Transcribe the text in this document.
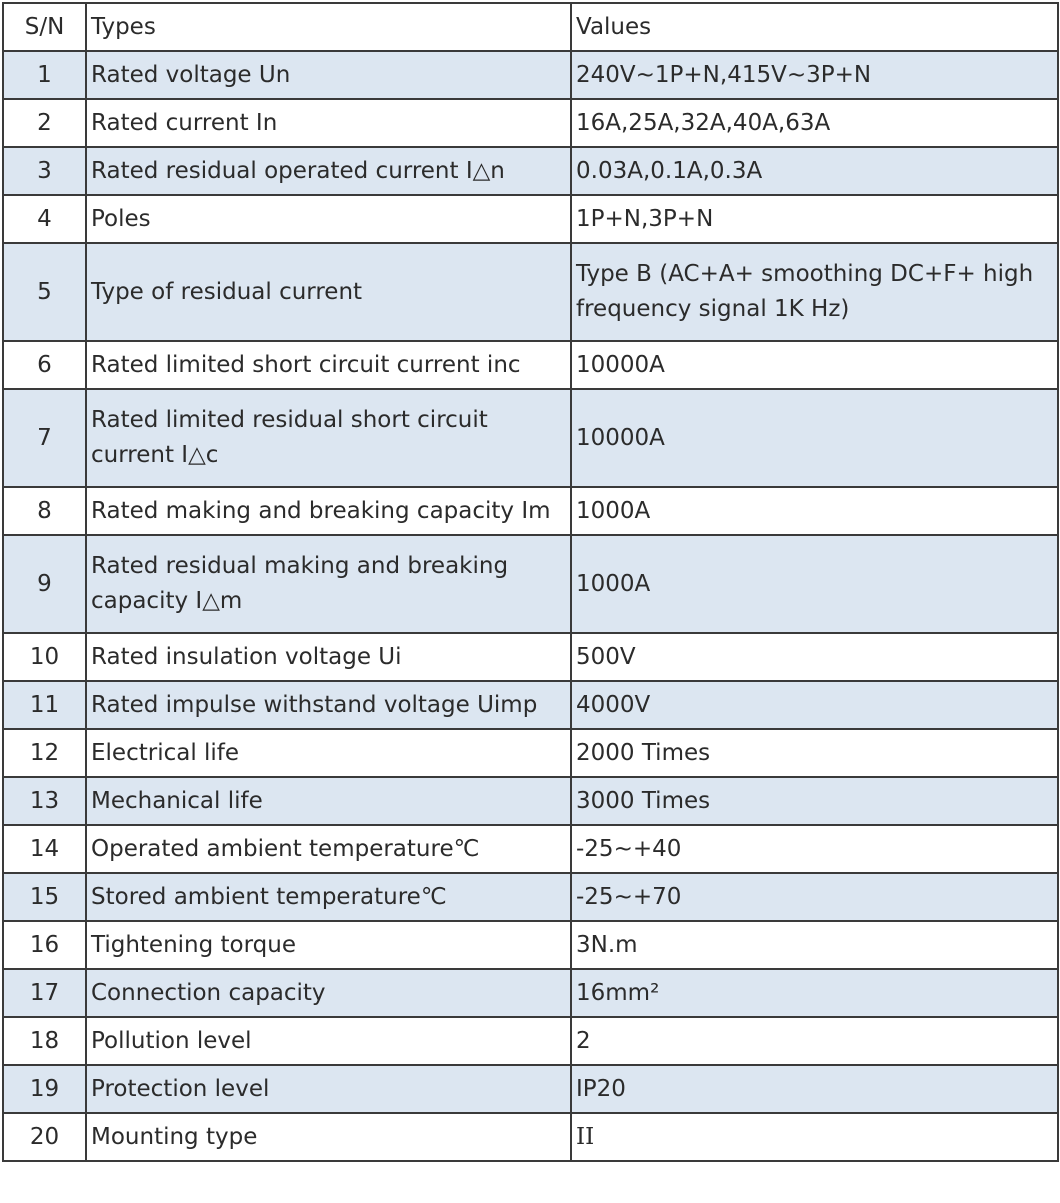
S/N	Types	Values
1	Rated voltage Un	240V~1P+N,415V~3P+N
2	Rated current In	16A,25A,32A,40A,63A
3	Rated residual operated current I△n	0.03A,0.1A,0.3A
4	Poles	1P+N,3P+N
5	Type of residual current	Type B (AC+A+ smoothing DC+F+ high frequency signal 1K Hz)
6	Rated limited short circuit current inc	10000A
7	Rated limited residual short circuit current I△c	10000A
8	Rated making and breaking capacity Im	1000A
9	Rated residual making and breaking capacity I△m	1000A
10	Rated insulation voltage Ui	500V
11	Rated impulse withstand voltage Uimp	4000V
12	Electrical life	2000 Times
13	Mechanical life	3000 Times
14	Operated ambient temperature℃	-25~+40
15	Stored ambient temperature℃	-25~+70
16	Tightening torque	3N.m
17	Connection capacity	16mm²
18	Pollution level	2
19	Protection level	IP20
20	Mounting type	II
